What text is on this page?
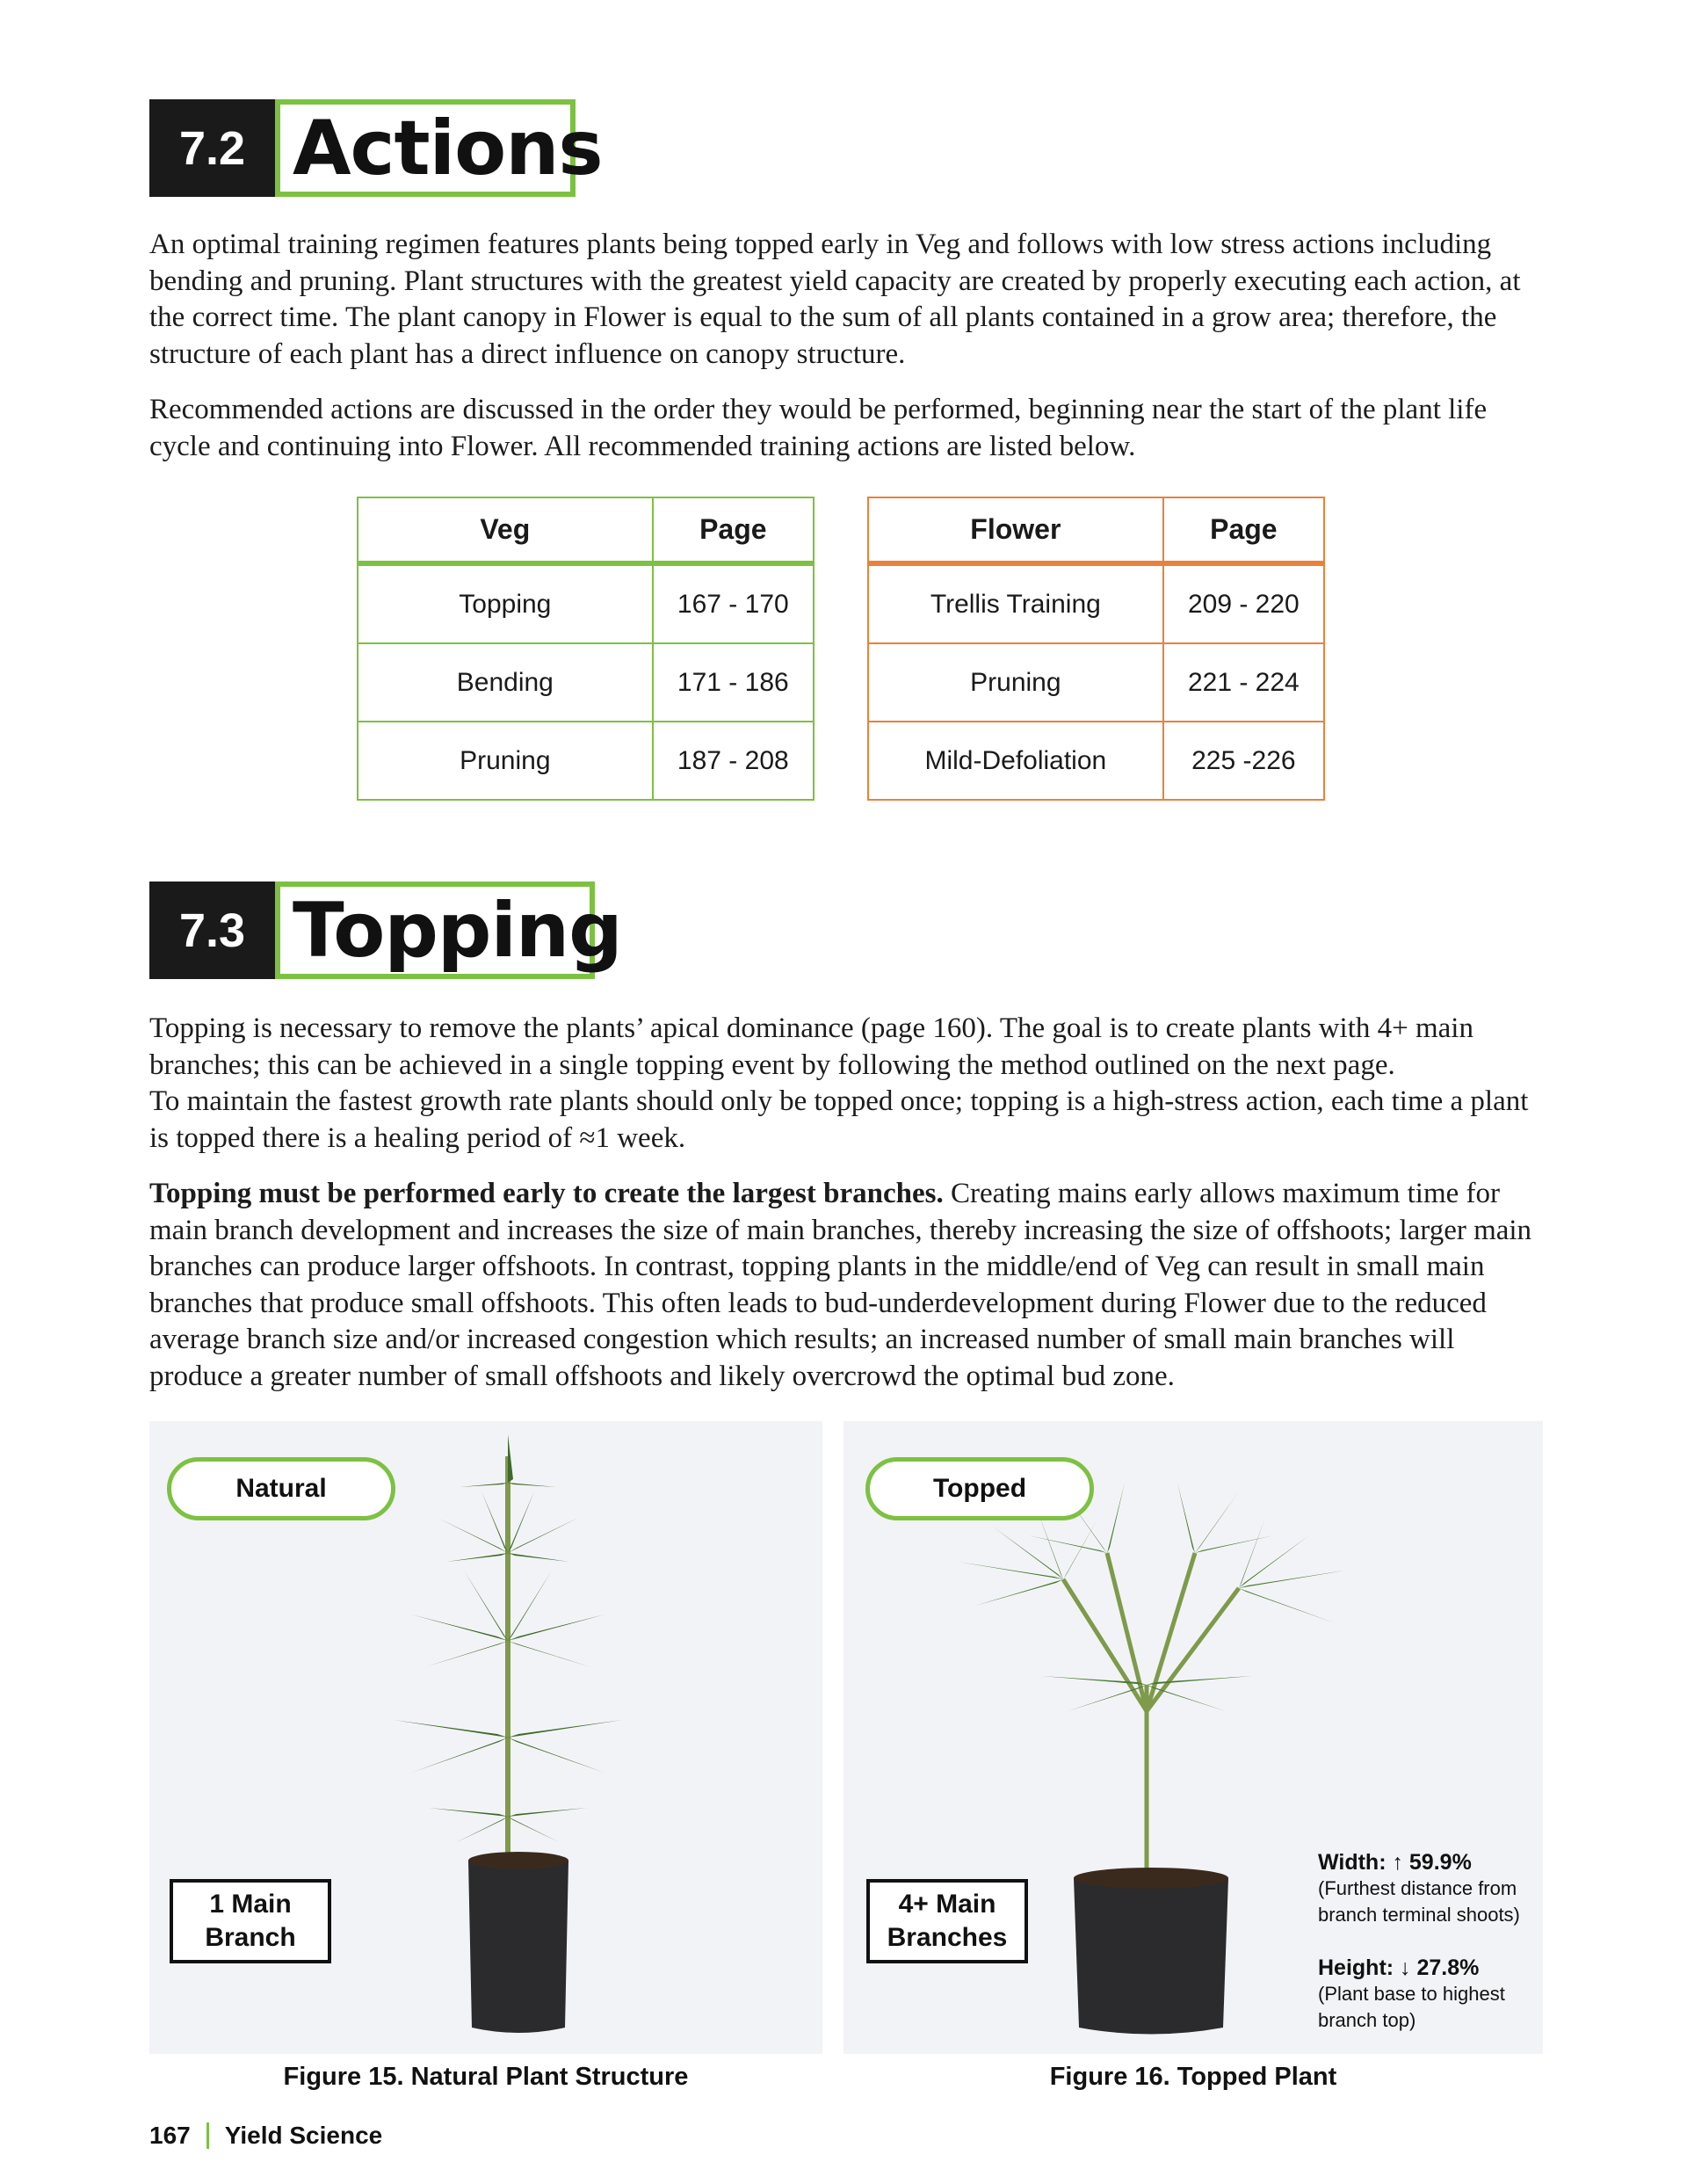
7.2 Actions

An optimal training regimen features plants being topped early in Veg and follows with low stress actions including bending and pruning. Plant structures with the greatest yield capacity are created by properly executing each action, at the correct time. The plant canopy in Flower is equal to the sum of all plants contained in a grow area; therefore, the structure of each plant has a direct influence on canopy structure.

Recommended actions are discussed in the order they would be performed, beginning near the start of the plant life cycle and continuing into Flower. All recommended training actions are listed below.

Veg	Page
Topping	167 - 170
Bending	171 - 186
Pruning	187 - 208
Flower	Page
Trellis Training	209 - 220
Pruning	221 - 224
Mild-Defoliation	225 -226
7.3 Topping

Topping is necessary to remove the plants’ apical dominance (page 160). The goal is to create plants with 4+ main branches; this can be achieved in a single topping event by following the method outlined on the next page.

To maintain the fastest growth rate plants should only be topped once; topping is a high-stress action, each time a plant is topped there is a healing period of ≈1 week.

Topping must be performed early to create the largest branches. Creating mains early allows maximum time for main branch development and increases the size of main branches, thereby increasing the size of offshoots; larger main branches can produce larger offshoots. In contrast, topping plants in the middle/end of Veg can result in small main branches that produce small offshoots. This often leads to bud-underdevelopment during Flower due to the reduced average branch size and/or increased congestion which results; an increased number of small main branches will produce a greater number of small offshoots and likely overcrowd the optimal bud zone.

Natural
1 Main
Branch
Figure 15. Natural Plant Structure
Topped
4+ Main
Branches
Width: ↑ 59.9%
(Furthest distance from
branch terminal shoots)
Height: ↓ 27.8%
(Plant base to highest
branch top)
Figure 16. Topped Plant
167 Yield Science
